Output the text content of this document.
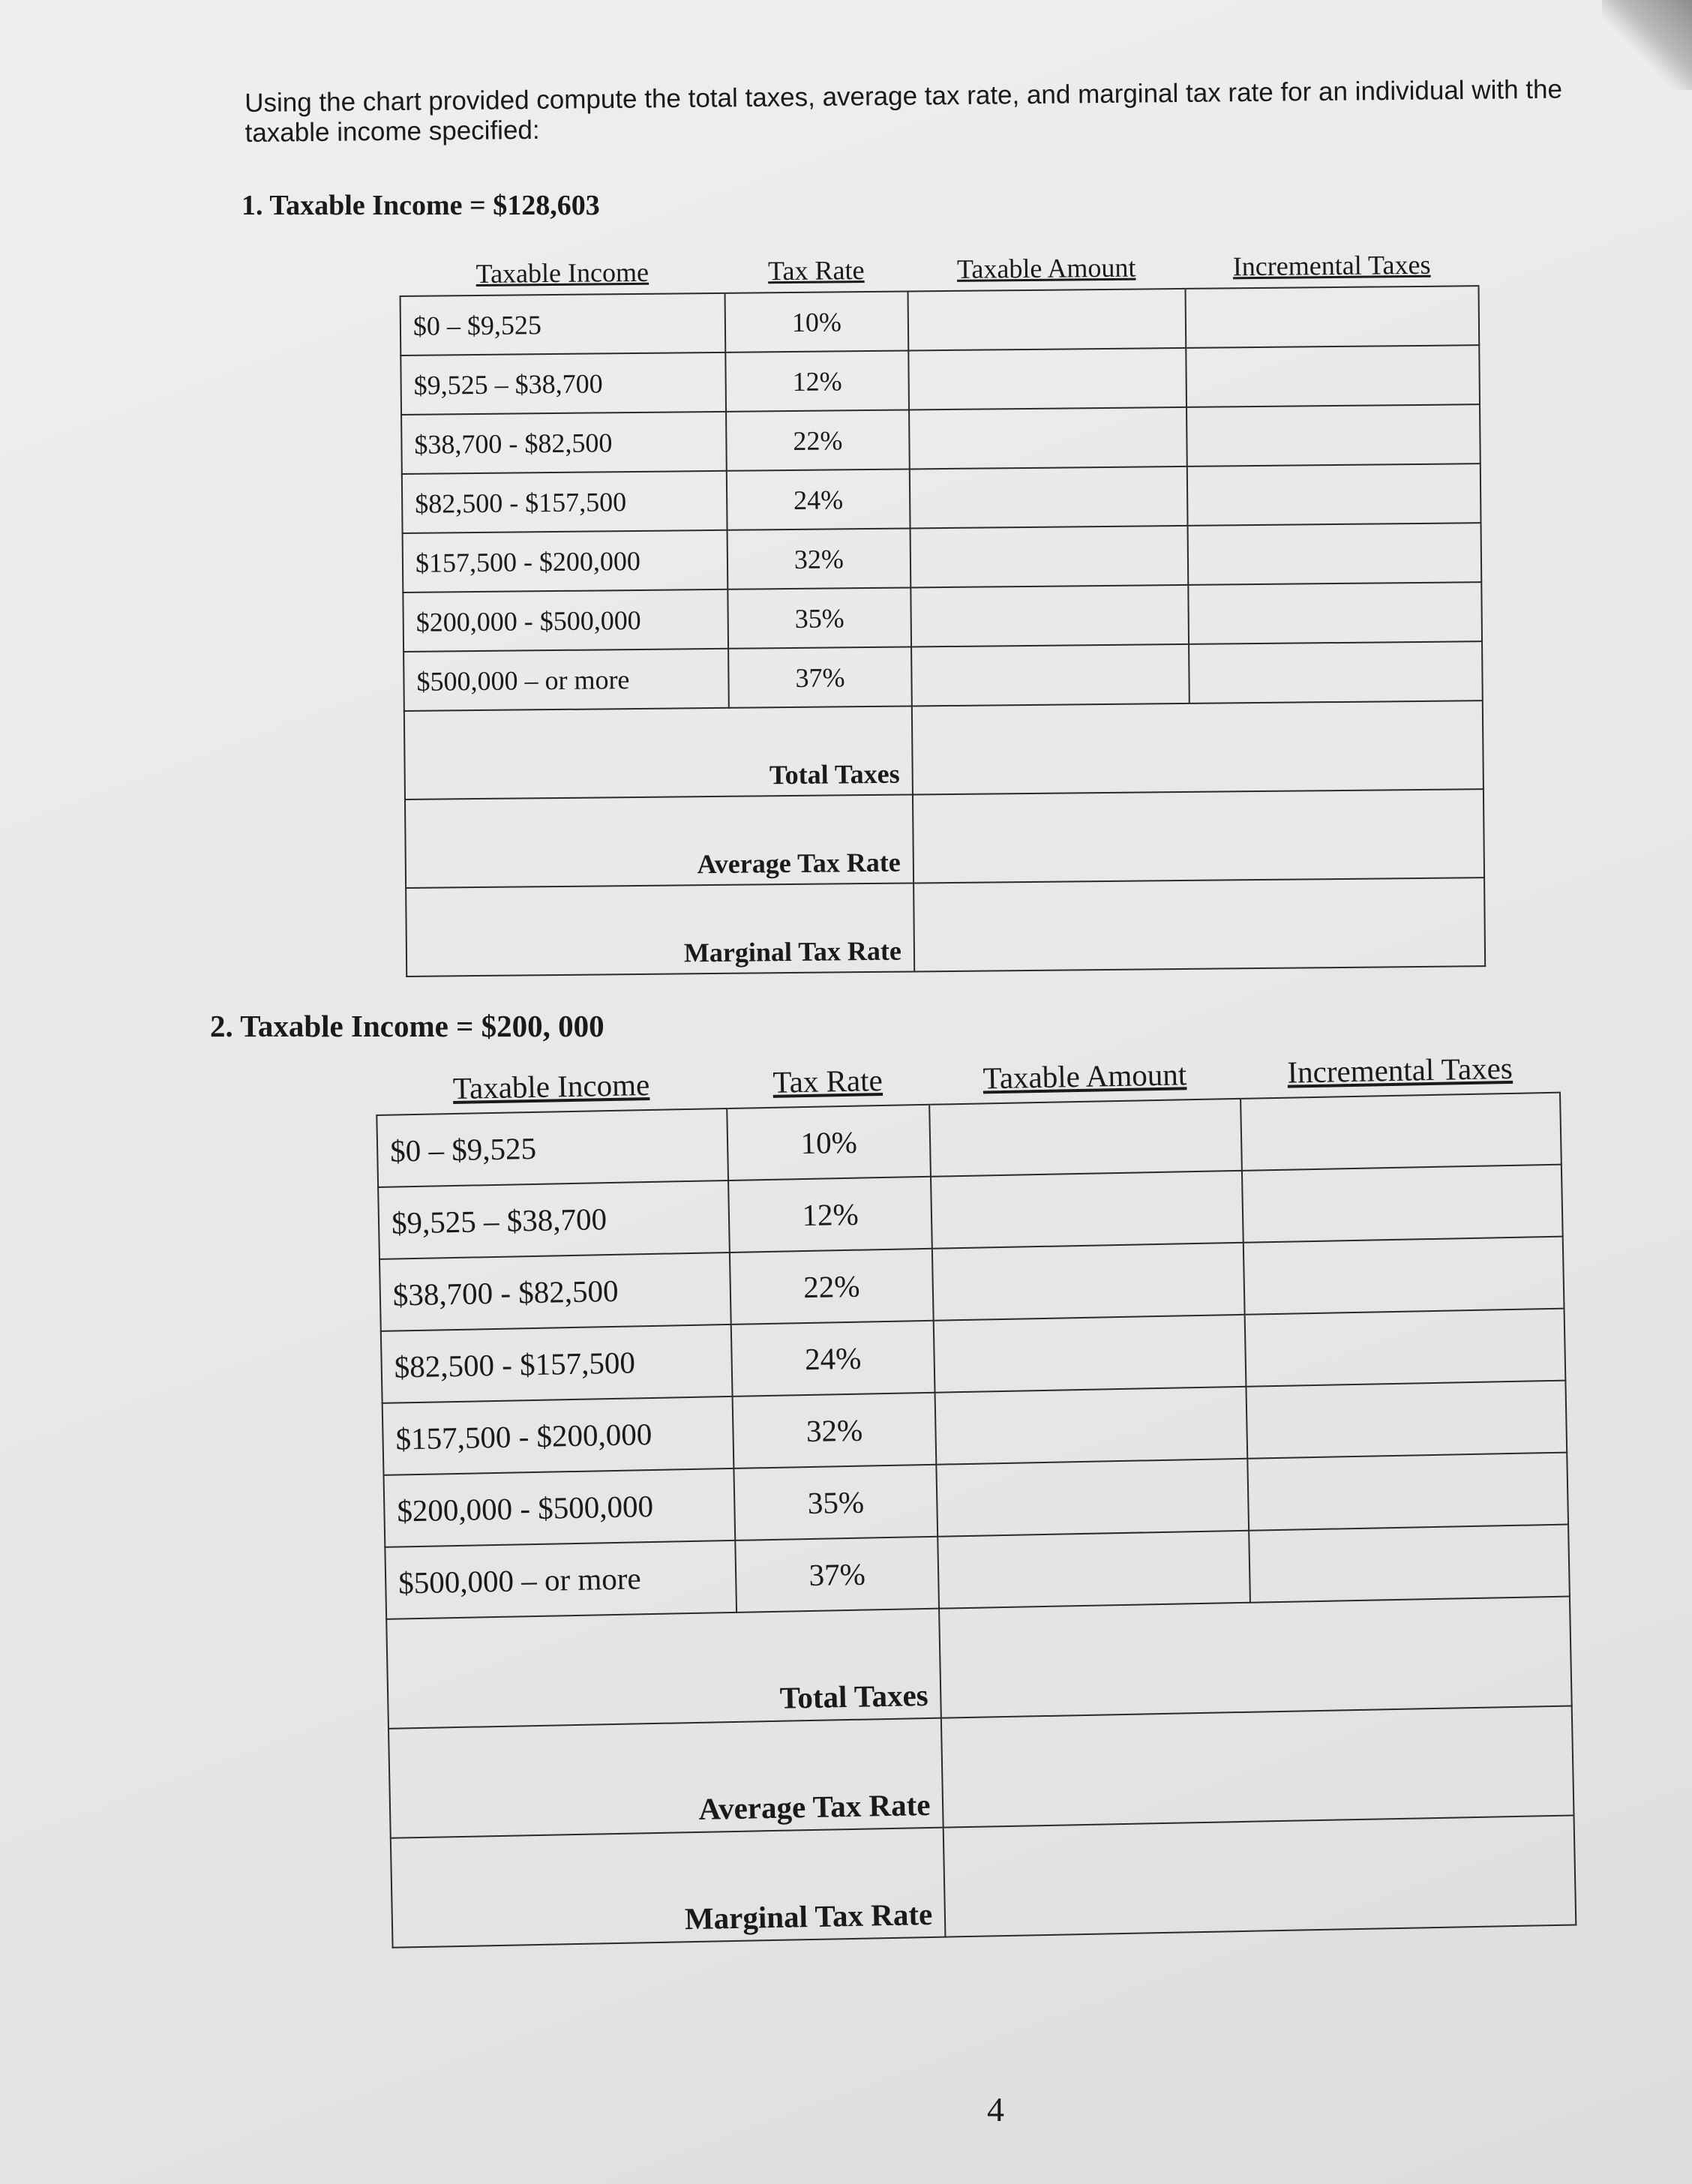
Using the chart provided compute the total taxes, average tax rate, and marginal tax rate for an individual with the taxable income specified:
1. Taxable Income = $128,603
Taxable Income	Tax Rate	Taxable Amount	Incremental Taxes
$0 – $9,525	10%		
$9,525 – $38,700	12%		
$38,700 - $82,500	22%		
$82,500 - $157,500	24%		
$157,500 - $200,000	32%		
$200,000 - $500,000	35%		
$500,000 – or more	37%		
Total Taxes			
Average Tax Rate			
Marginal Tax Rate			
2. Taxable Income = $200, 000
Taxable Income	Tax Rate	Taxable Amount	Incremental Taxes
$0 – $9,525	10%		
$9,525 – $38,700	12%		
$38,700 - $82,500	22%		
$82,500 - $157,500	24%		
$157,500 - $200,000	32%		
$200,000 - $500,000	35%		
$500,000 – or more	37%		
Total Taxes			
Average Tax Rate			
Marginal Tax Rate			
4
